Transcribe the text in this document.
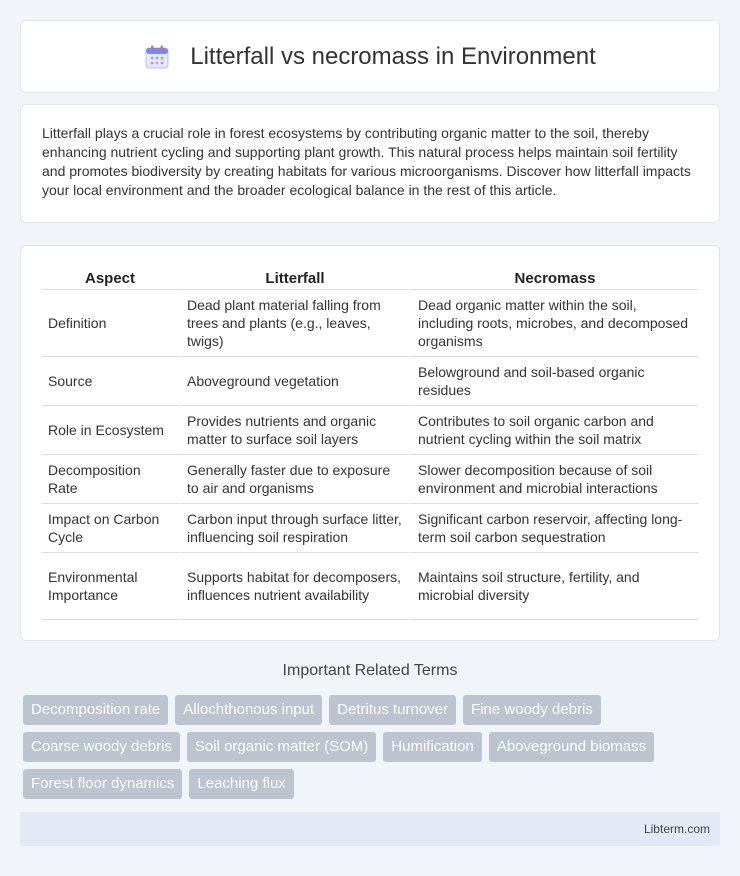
Litterfall vs necromass in Environment

Litterfall plays a crucial role in forest ecosystems by contributing organic matter to the soil, thereby enhancing nutrient cycling and supporting plant growth. This natural process helps maintain soil fertility and promotes biodiversity by creating habitats for various microorganisms. Discover how litterfall impacts your local environment and the broader ecological balance in the rest of this article.

Aspect	Litterfall	Necromass
Definition	Dead plant material falling from trees and plants (e.g., leaves, twigs)	Dead organic matter within the soil, including roots, microbes, and decomposed organisms
Source	Aboveground vegetation	Belowground and soil-based organic residues
Role in Ecosystem	Provides nutrients and organic matter to surface soil layers	Contributes to soil organic carbon and nutrient cycling within the soil matrix
Decomposition Rate	Generally faster due to exposure to air and organisms	Slower decomposition because of soil environment and microbial interactions
Impact on Carbon Cycle	Carbon input through surface litter, influencing soil respiration	Significant carbon reservoir, affecting long-term soil carbon sequestration
Environmental Importance	Supports habitat for decomposers, influences nutrient availability	Maintains soil structure, fertility, and microbial diversity
Important Related Terms
Decomposition rate	Allochthonous input	Detritus turnover	Fine woody debris
Coarse woody debris	Soil organic matter (SOM)	Humification	Aboveground biomass
Forest floor dynamics	Leaching flux
Libterm.com
